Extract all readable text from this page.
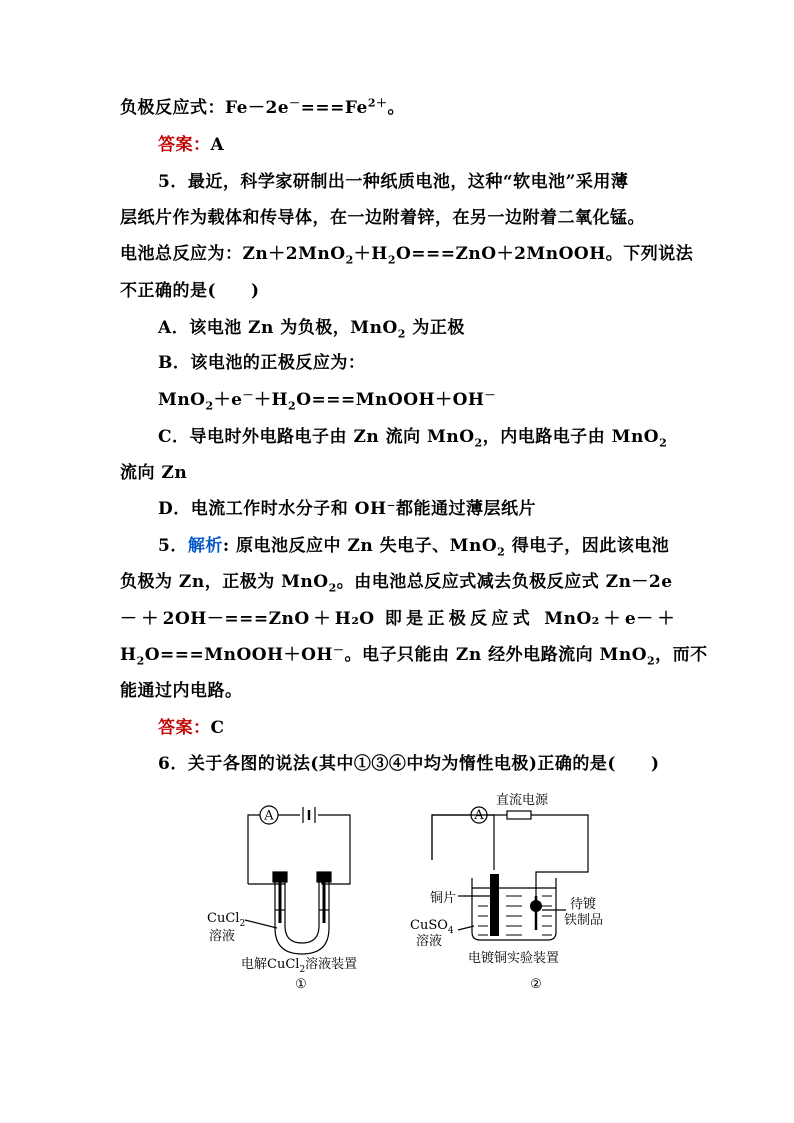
负极反应式：$Fe-2e^-===Fe^{2+}$。
答案：A
5．最近，科学家研制出一种纸质电池，这种“软电池”采用薄
层纸片作为载体和传导体，在一边附着锌，在另一边附着二氧化锰。
电池总反应为：$Zn+2MnO_2+H_2O===ZnO+2MnOOH$。下列说法
不正确的是(　　)
A．该电池 Zn 为负极，MnO$_2$ 为正极
B．该电池的正极反应为：
$MnO_2+e^-+H_2O===MnOOH+OH^-$
C．导电时外电路电子由 Zn 流向 MnO$_2$，内电路电子由 MnO$_2$
流向 Zn
D．电流工作时水分子和 OH⁻都能通过薄层纸片
5．解析: 原电池反应中 Zn 失电子、MnO$_2$ 得电子，因此该电池
负极为 Zn，正极为 MnO$_2$。由电池总反应式减去负极反应式 Zn－2e
－＋2OH－===ZnO＋H₂O 即是正极反应式 MnO₂＋e－＋
$H_2O===MnOOH+OH^-$。电子只能由 Zn 经外电路流向 MnO$_2$，而不
能通过内电路。
答案：C
6．关于各图的说法(其中①③④中均为惰性电极)正确的是(　　)
A
CuCl$_2$
溶液
电解CuCl$_2$溶液装置
①
A
直流电源
铜片
CuSO$_4$
溶液
待镀
铁制品
电镀铜实验装置
②
